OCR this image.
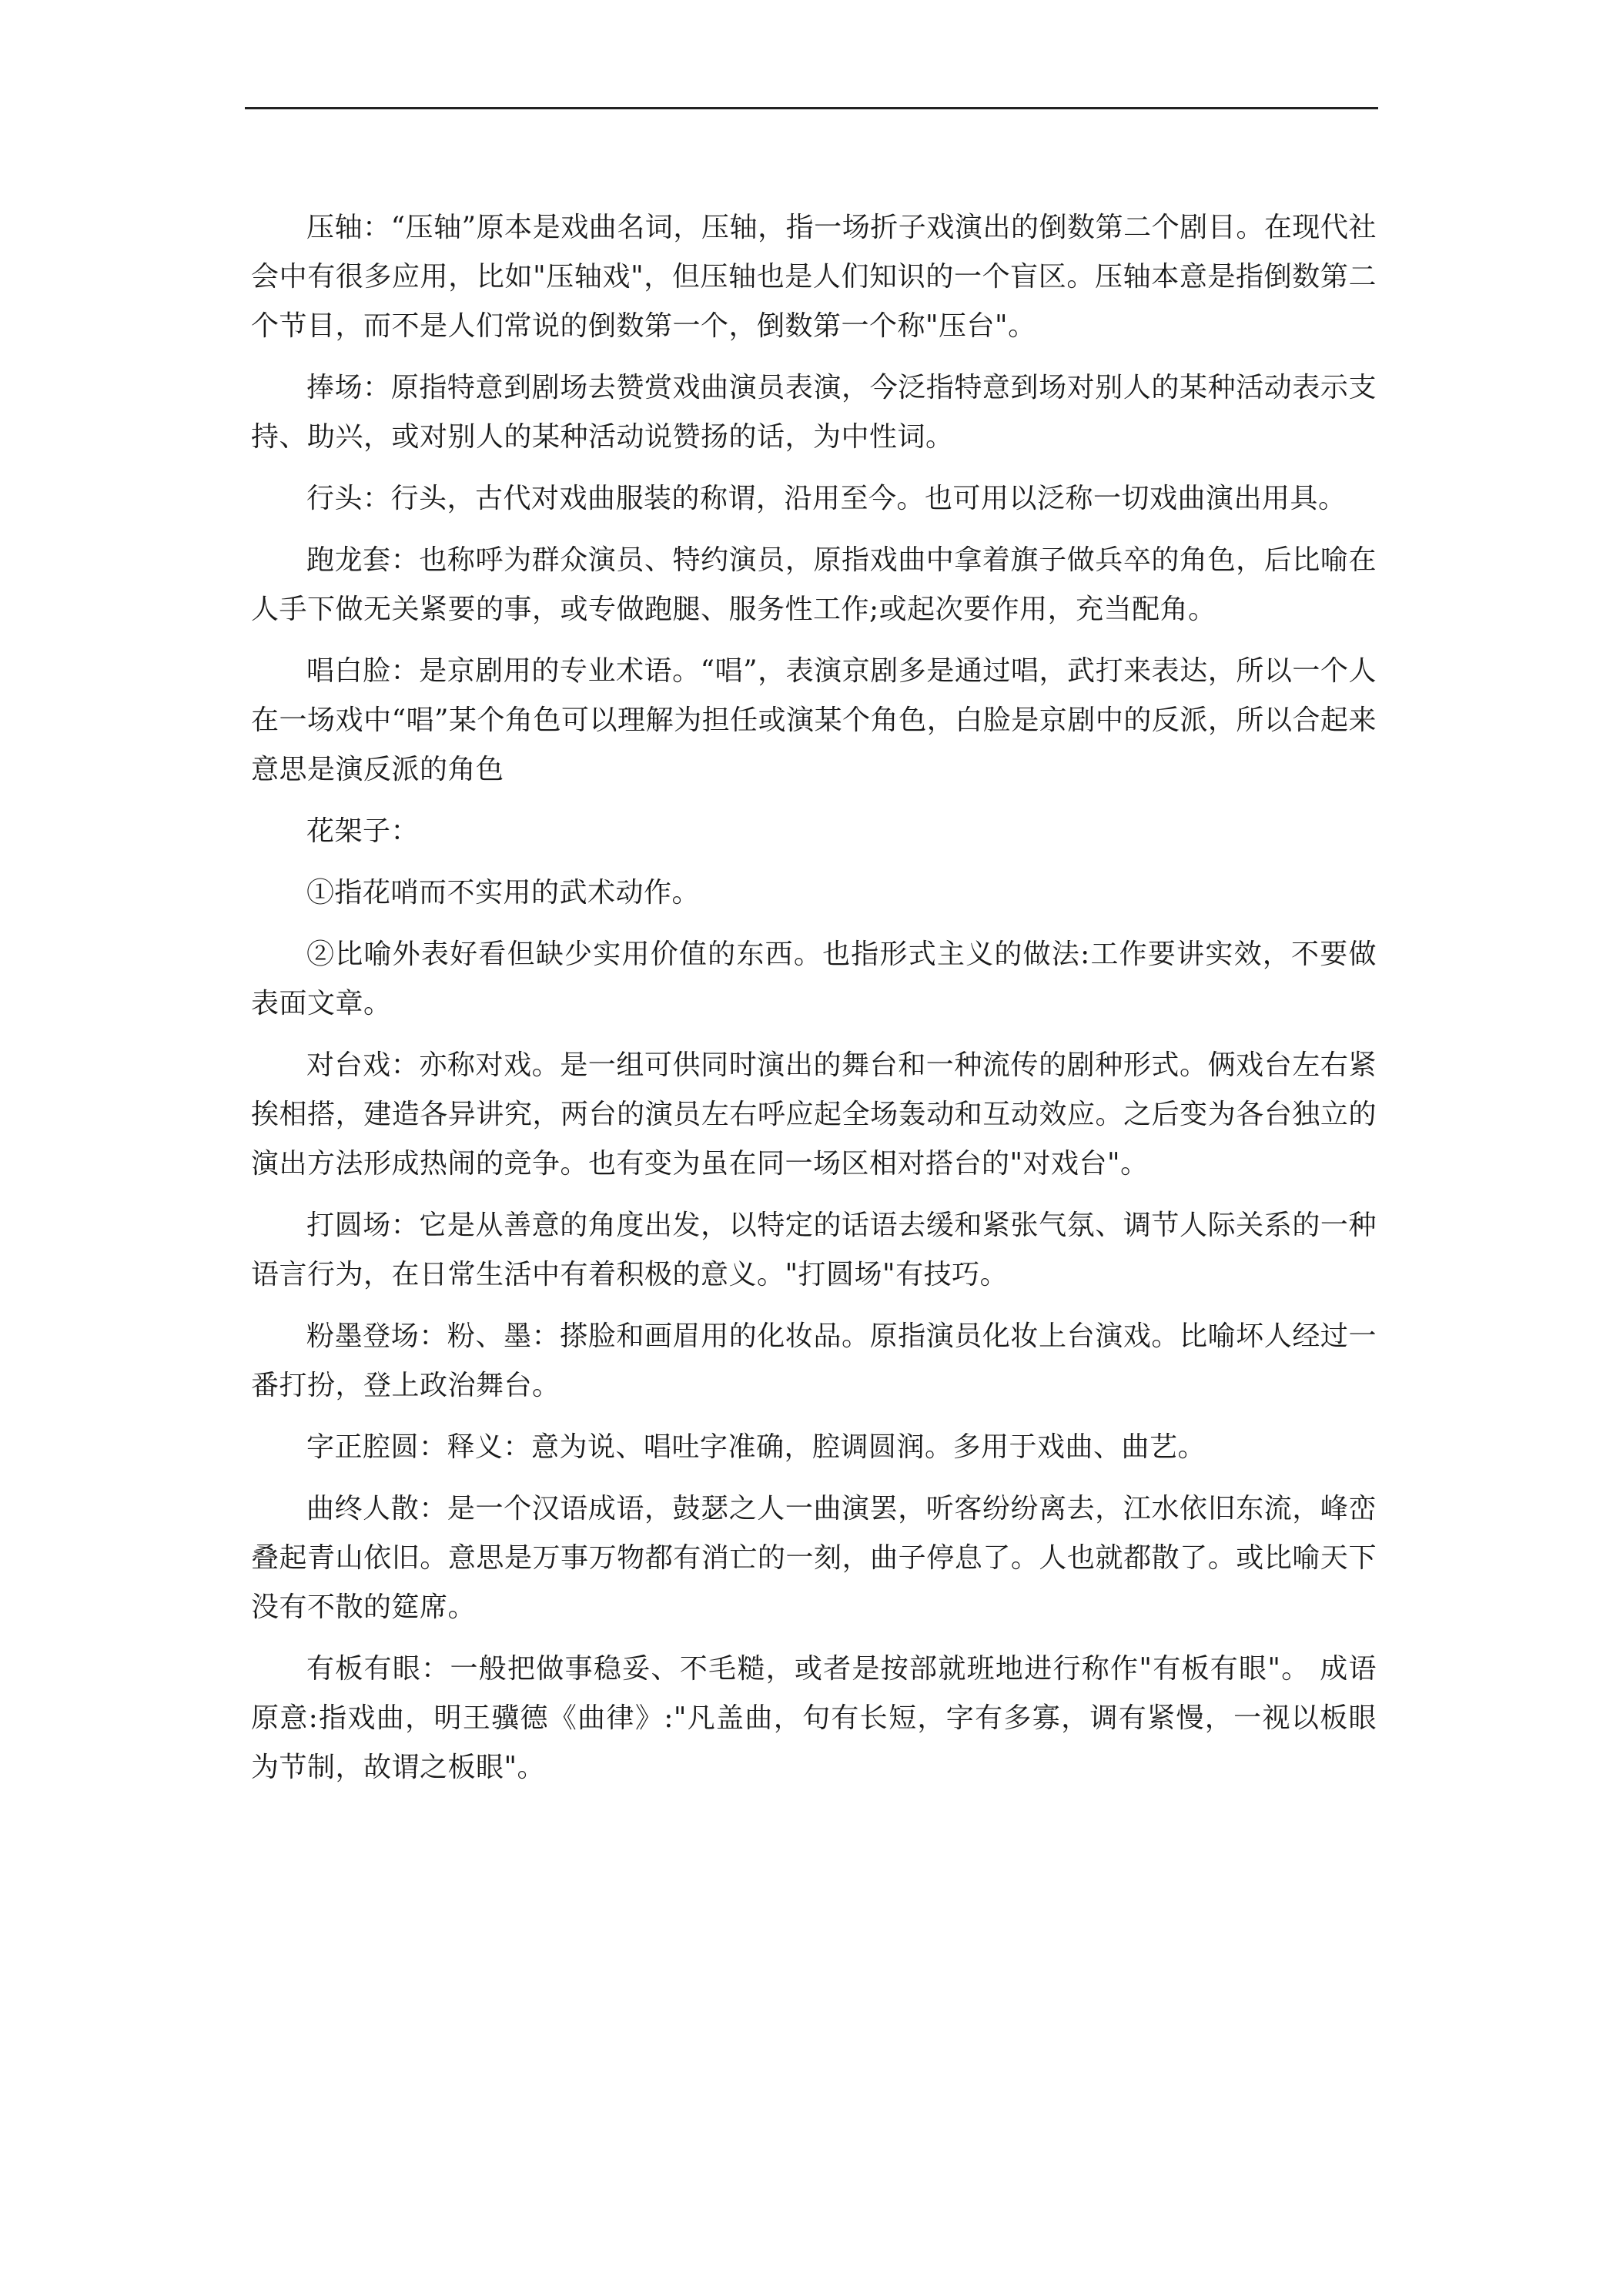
压轴：“压轴”原本是戏曲名词，压轴，指一场折子戏演出的倒数第二个剧目。在现代社会中有很多应用，比如"压轴戏"，但压轴也是人们知识的一个盲区。压轴本意是指倒数第二个节目，而不是人们常说的倒数第一个，倒数第一个称"压台"。

捧场：原指特意到剧场去赞赏戏曲演员表演，今泛指特意到场对别人的某种活动表示支持、助兴，或对别人的某种活动说赞扬的话，为中性词。

行头：行头，古代对戏曲服装的称谓，沿用至今。也可用以泛称一切戏曲演出用具。

跑龙套：也称呼为群众演员、特约演员，原指戏曲中拿着旗子做兵卒的角色，后比喻在人手下做无关紧要的事，或专做跑腿、服务性工作;或起次要作用，充当配角。

唱白脸：是京剧用的专业术语。“唱”，表演京剧多是通过唱，武打来表达，所以一个人在一场戏中“唱”某个角色可以理解为担任或演某个角色，白脸是京剧中的反派，所以合起来意思是演反派的角色

花架子：

①指花哨而不实用的武术动作。

②比喻外表好看但缺少实用价值的东西。也指形式主义的做法:工作要讲实效，不要做表面文章。

对台戏：亦称对戏。是一组可供同时演出的舞台和一种流传的剧种形式。俩戏台左右紧挨相搭，建造各异讲究，两台的演员左右呼应起全场轰动和互动效应。之后变为各台独立的演出方法形成热闹的竞争。也有变为虽在同一场区相对搭台的"对戏台"。

打圆场：它是从善意的角度出发，以特定的话语去缓和紧张气氛、调节人际关系的一种语言行为，在日常生活中有着积极的意义。"打圆场"有技巧。

粉墨登场：粉、墨：搽脸和画眉用的化妆品。原指演员化妆上台演戏。比喻坏人经过一番打扮，登上政治舞台。

字正腔圆：释义：意为说、唱吐字准确，腔调圆润。多用于戏曲、曲艺。

曲终人散：是一个汉语成语，鼓瑟之人一曲演罢，听客纷纷离去，江水依旧东流，峰峦叠起青山依旧。意思是万事万物都有消亡的一刻，曲子停息了。人也就都散了。或比喻天下没有不散的筵席。

有板有眼：一般把做事稳妥、不毛糙，或者是按部就班地进行称作"有板有眼"。 成语原意:指戏曲，明王骥德《曲律》:"凡盖曲，句有长短，字有多寡，调有紧慢，一视以板眼为节制，故谓之板眼"。
